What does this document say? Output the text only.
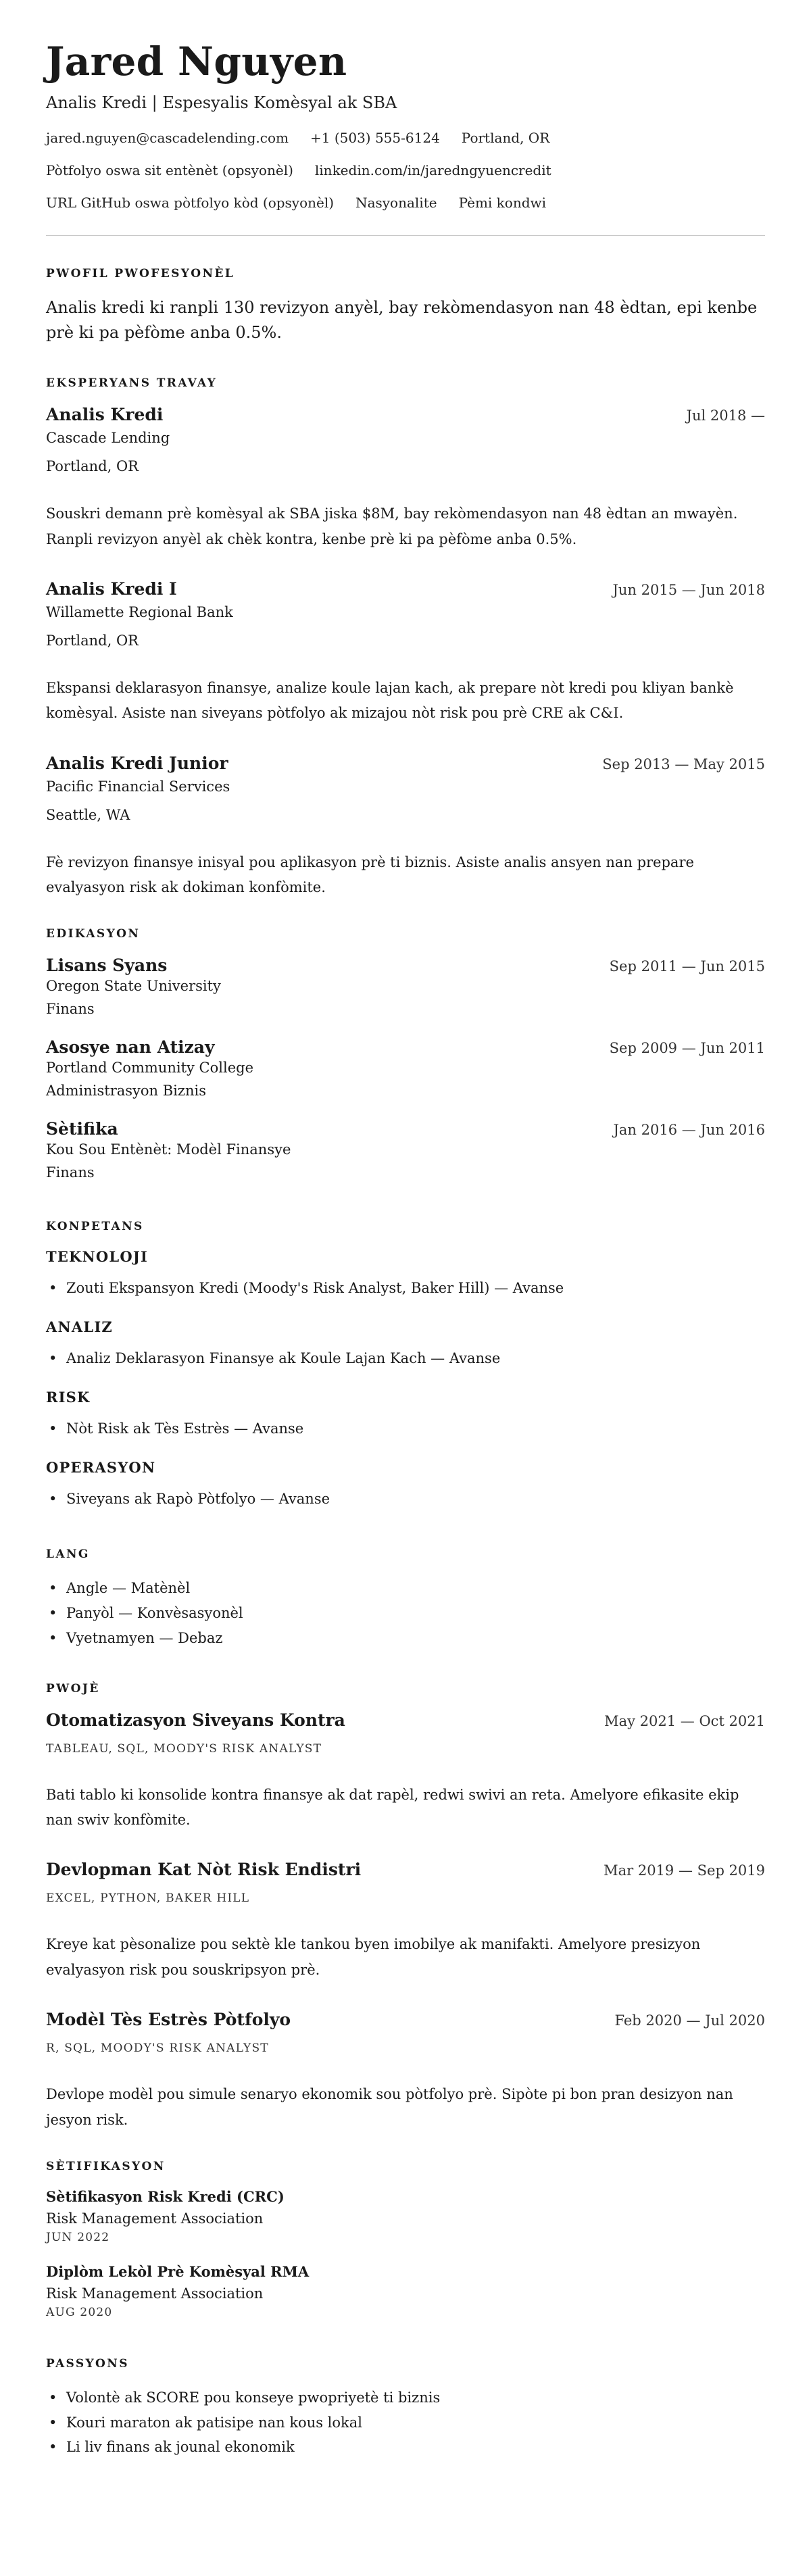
Jared Nguyen
Analis Kredi | Espesyalis Komèsyal ak SBA
jared.nguyen@cascadelending.com +1 (503) 555-6124 Portland, OR
Pòtfolyo oswa sit entènèt (opsyonèl) linkedin.com/in/jaredngyuencredit
URL GitHub oswa pòtfolyo kòd (opsyonèl) Nasyonalite Pèmi kondwi
PWOFIL PWOFESYONÈL

Analis kredi ki ranpli 130 revizyon anyèl, bay rekòmendasyon nan 48 èdtan, epi kenbe prè ki pa pèfòme anba 0.5%.

EKSPERYANS TRAVAY
Analis Kredi	Jul 2018 —
Cascade Lending
Portland, OR

Souskri demann prè komèsyal ak SBA jiska $8M, bay rekòmendasyon nan 48 èdtan an mwayèn. Ranpli revizyon anyèl ak chèk kontra, kenbe prè ki pa pèfòme anba 0.5%.

Analis Kredi I	Jun 2015 — Jun 2018
Willamette Regional Bank
Portland, OR

Ekspansi deklarasyon finansye, analize koule lajan kach, ak prepare nòt kredi pou kliyan bankè komèsyal. Asiste nan siveyans pòtfolyo ak mizajou nòt risk pou prè CRE ak C&I.

Analis Kredi Junior	Sep 2013 — May 2015
Pacific Financial Services
Seattle, WA

Fè revizyon finansye inisyal pou aplikasyon prè ti biznis. Asiste analis ansyen nan prepare evalyasyon risk ak dokiman konfòmite.

EDIKASYON
Lisans Syans	Sep 2011 — Jun 2015
Oregon State University
Finans
Asosye nan Atizay	Sep 2009 — Jun 2011
Portland Community College
Administrasyon Biznis
Sètifika	Jan 2016 — Jun 2016
Kou Sou Entènèt: Modèl Finansye
Finans
KONPETANS
TEKNOLOJI
• Zouti Ekspansyon Kredi (Moody's Risk Analyst, Baker Hill) — Avanse
ANALIZ
• Analiz Deklarasyon Finansye ak Koule Lajan Kach — Avanse
RISK
• Nòt Risk ak Tès Estrès — Avanse
OPERASYON
• Siveyans ak Rapò Pòtfolyo — Avanse
LANG
• Angle — Matènèl
• Panyòl — Konvèsasyonèl
• Vyetnamyen — Debaz
PWOJÈ
Otomatizasyon Siveyans Kontra	May 2021 — Oct 2021
TABLEAU, SQL, MOODY'S RISK ANALYST

Bati tablo ki konsolide kontra finansye ak dat rapèl, redwi swivi an reta. Amelyore efikasite ekip nan swiv konfòmite.

Devlopman Kat Nòt Risk Endistri	Mar 2019 — Sep 2019
EXCEL, PYTHON, BAKER HILL

Kreye kat pèsonalize pou sektè kle tankou byen imobilye ak manifakti. Amelyore presizyon evalyasyon risk pou souskripsyon prè.

Modèl Tès Estrès Pòtfolyo	Feb 2020 — Jul 2020
R, SQL, MOODY'S RISK ANALYST

Devlope modèl pou simule senaryo ekonomik sou pòtfolyo prè. Sipòte pi bon pran desizyon nan jesyon risk.

SÈTIFIKASYON
Sètifikasyon Risk Kredi (CRC)
Risk Management Association
JUN 2022
Diplòm Lekòl Prè Komèsyal RMA
Risk Management Association
AUG 2020
PASSYONS
• Volontè ak SCORE pou konseye pwopriyetè ti biznis
• Kouri maraton ak patisipe nan kous lokal
• Li liv finans ak jounal ekonomik
